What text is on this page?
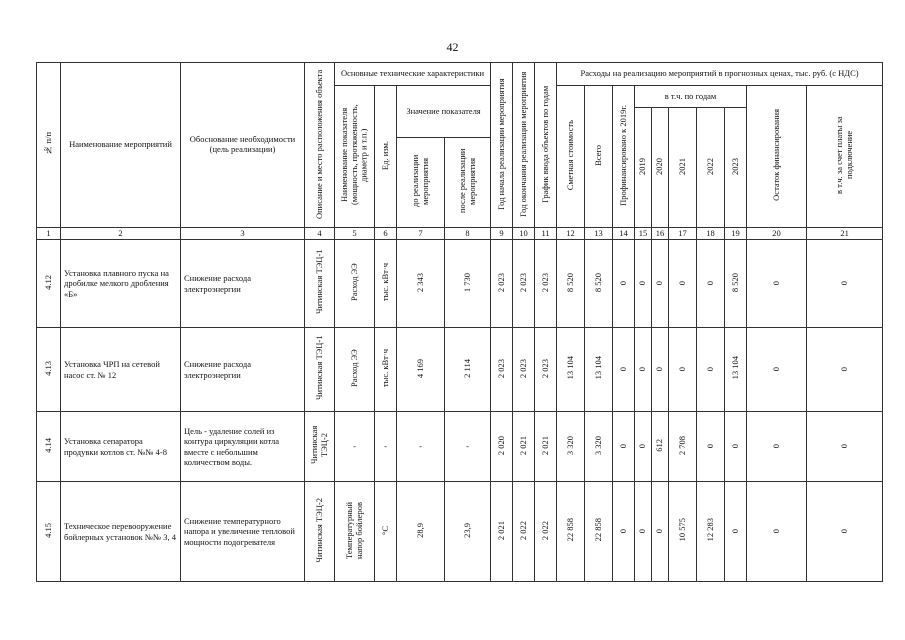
42
№ п/п	Наименование мероприятий	Обоснование необходимости (цель реализации)	Описание и место расположения объекта	Основные технические характеристики				Год начала реализации мероприятия	Год окончания реализации мероприятия	График ввода объектов по годам	Расходы на реализацию мероприятий в прогнозных ценах, тыс. руб. (с НДС)									
				Наименование показателя (мощность, протяженность, диаметр и т.п.)	Ед. изм.	Значение показателя					Сметная стоимость	Всего	Профинансировано к 2019г.	в т.ч. по годам					Остаток финансирования	в т.ч. за счет платы за подключение
														2019	2020	2021	2022	2023		
						до реализации мероприятия	после реализации мероприятия													
1	2	3	4	5	6	7	8	9	10	11	12	13	14	15	16	17	18	19	20	21
4.12	Установка плавного пуска на дробилке мелкого дробления «Б»	Снижение расхода электроэнергии	Читинская ТЭЦ-1	Расход ЭЭ	тыс. кВт·ч	2 343	1 730	2 023	2 023	2 023	8 520	8 520	0	0	0	0	0	8 520	0	0
4.13	Установка ЧРП на сетевой насос ст. № 12	Снижение расхода электроэнергии	Читинская ТЭЦ-1	Расход ЭЭ	тыс. кВт·ч	4 169	2 114	2 023	2 023	2 023	13 104	13 104	0	0	0	0	0	13 104	0	0
4.14	Установка сепаратора продувки котлов ст. №№ 4-8	Цель - удаление солей из контура циркуляции котла вместе с небольшим количеством воды.	Читинская ТЭЦ-2	-	-	-	-	2 020	2 021	2 021	3 320	3 320	0	0	612	2 708	0	0	0	0
4.15	Техническое перевооружение бойлерных установок №№ 3, 4	Снижение температурного напора и увеличение тепловой мощности подогревателя	Читинская ТЭЦ-2	Температурный напор бойлеров	°С	28,9	23,9	2 021	2 022	2 022	22 858	22 858	0	0	0	10 575	12 283	0	0	0
